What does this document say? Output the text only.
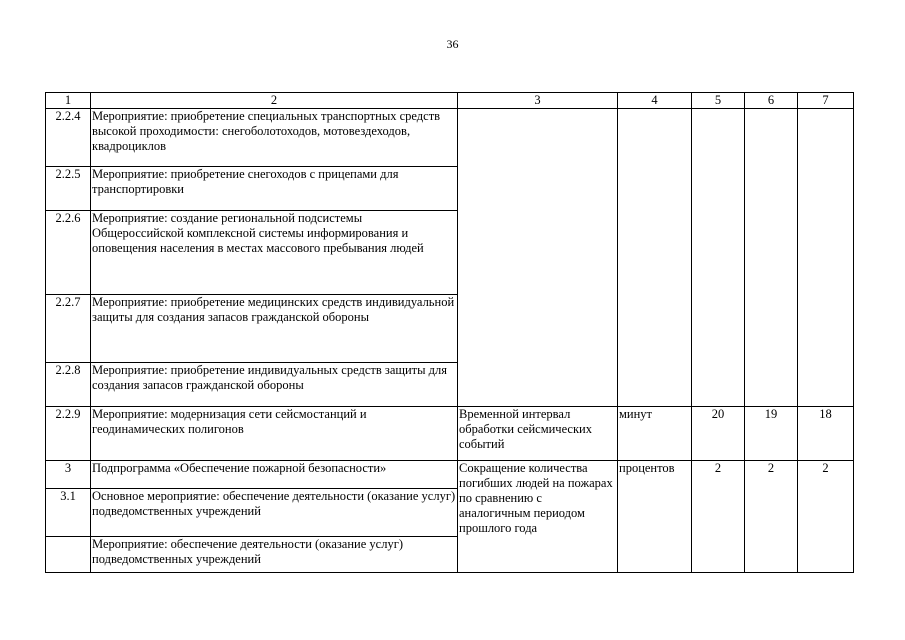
36
1	2	3	4	5	6	7
2.2.4	Мероприятие: приобретение специальных транспортных средств высокой проходимости: снегоболотоходов, мотовездеходов, квадроциклов					
2.2.5	Мероприятие: приобретение снегоходов с прицепами для транспортировки					
2.2.6	Мероприятие: создание региональной подсистемы Общероссийской комплексной системы информирования и оповещения населения в местах массового пребывания людей					
2.2.7	Мероприятие: приобретение медицинских средств индивидуальной защиты для создания запасов гражданской обороны					
2.2.8	Мероприятие: приобретение индивидуальных средств защиты для создания запасов гражданской обороны					
2.2.9	Мероприятие: модернизация сети сейсмостанций и геодинамических полигонов	Временной интервал обработки сейсмических событий	минут	20	19	18
3	Подпрограмма «Обеспечение пожарной безопасности»	Сокращение количества погибших людей на пожарах по сравнению с аналогичным периодом прошлого года	процентов	2	2	2
3.1	Основное мероприятие: обеспечение деятельности (оказание услуг) подведомственных учреждений					
	Мероприятие: обеспечение деятельности (оказание услуг) подведомственных учреждений					
